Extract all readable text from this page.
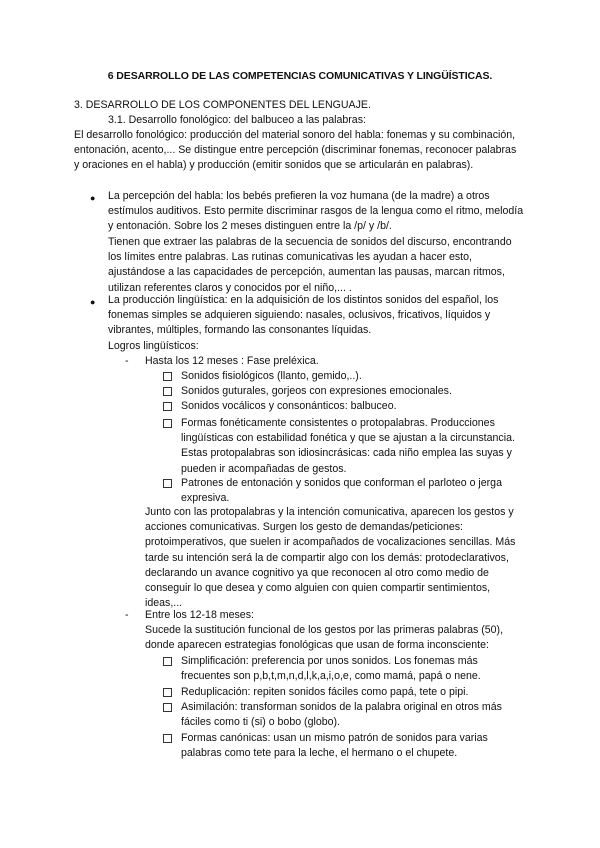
6 DESARROLLO DE LAS COMPETENCIAS COMUNICATIVAS Y LINGÜÍSTICAS.
3. DESARROLLO DE LOS COMPONENTES DEL LENGUAJE.
3.1. Desarrollo fonológico: del balbuceo a las palabras:
El desarrollo fonológico: producción del material sonoro del habla: fonemas y su combinación, entonación, acento,... Se distingue entre percepción (discriminar fonemas, reconocer palabras y oraciones en el habla) y producción (emitir sonidos que se articularán en palabras).
● La percepción del habla: los bebés prefieren la voz humana (de la madre) a otros estímulos auditivos. Esto permite discriminar rasgos de la lengua como el ritmo, melodía y entonación. Sobre los 2 meses distinguen entre la /p/ y /b/.
Tienen que extraer las palabras de la secuencia de sonidos del discurso, encontrando los límites entre palabras. Las rutinas comunicativas les ayudan a hacer esto, ajustándose a las capacidades de percepción, aumentan las pausas, marcan ritmos, utilizan referentes claros y conocidos por el niño,... .
● La producción lingüística: en la adquisición de los distintos sonidos del español, los fonemas simples se adquieren siguiendo: nasales, oclusivos, fricativos, líquidos y vibrantes, múltiples, formando las consonantes líquidas.
Logros lingüísticos:
- Hasta los 12 meses : Fase preléxica.
Sonidos fisiológicos (llanto, gemido,..).
Sonidos guturales, gorjeos con expresiones emocionales.
Sonidos vocálicos y consonánticos: balbuceo.
Formas fonéticamente consistentes o protopalabras. Producciones lingüísticas con estabilidad fonética y que se ajustan a la circunstancia. Estas protopalabras son idiosincrásicas: cada niño emplea las suyas y pueden ir acompañadas de gestos.
Patrones de entonación y sonidos que conforman el parloteo o jerga expresiva.
Junto con las protopalabras y la intención comunicativa, aparecen los gestos y acciones comunicativas. Surgen los gesto de demandas/peticiones: protoimperativos, que suelen ir acompañados de vocalizaciones sencillas. Más tarde su intención será la de compartir algo con los demás: protodeclarativos, declarando un avance cognitivo ya que reconocen al otro como medio de conseguir lo que desea y como alguien con quien compartir sentimientos, ideas,...
- Entre los 12-18 meses:
Sucede la sustitución funcional de los gestos por las primeras palabras (50), donde aparecen estrategias fonológicas que usan de forma inconsciente:
Simplificación: preferencia por unos sonidos. Los fonemas más frecuentes son p,b,t,m,n,d,l,k,a,i,o,e, como mamá, papá o nene.
Reduplicación: repiten sonidos fáciles como papá, tete o pipi.
Asimilación: transforman sonidos de la palabra original en otros más fáciles como ti (si) o bobo (globo).
Formas canónicas: usan un mismo patrón de sonidos para varias palabras como tete para la leche, el hermano o el chupete.
